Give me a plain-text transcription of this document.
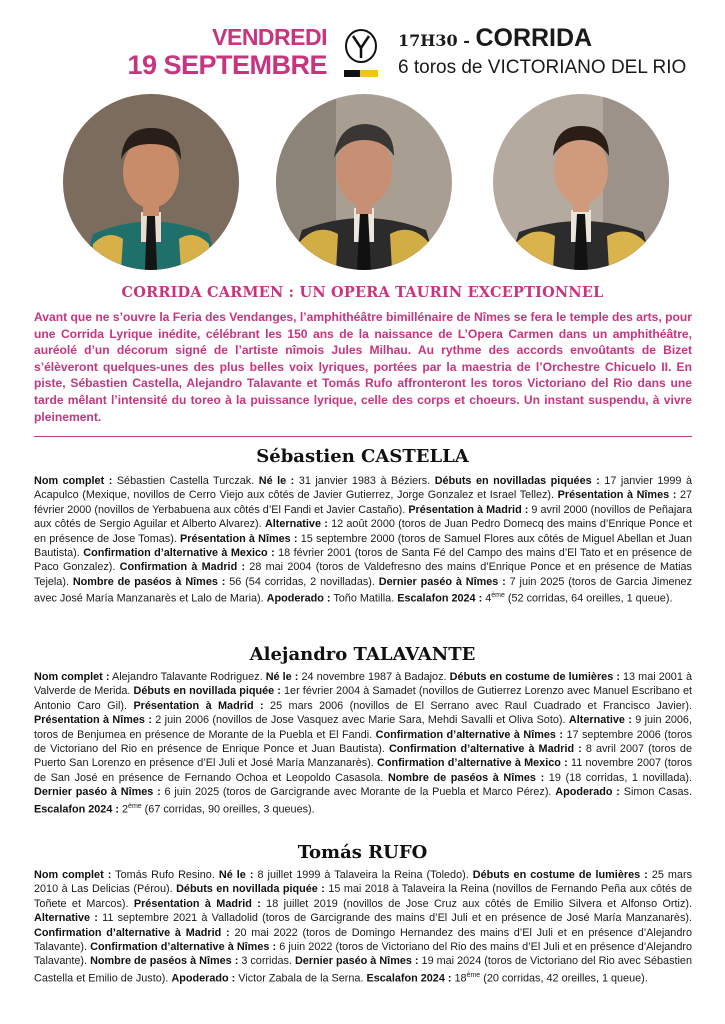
VENDREDI
19 SEPTEMBRE
17H30 - CORRIDA
6 toros de VICTORIANO DEL RIO
CORRIDA CARMEN : UN OPERA TAURIN EXCEPTIONNEL
Avant que ne s’ouvre la Feria des Vendanges, l’amphithéâtre bimillénaire de Nîmes se fera le temple des arts, pour une Corrida Lyrique inédite, célébrant les 150 ans de la naissance de L’Opera Carmen dans un amphithéâtre, auréolé d’un décorum signé de l’artiste nîmois Jules Milhau. Au rythme des accords envoûtants de Bizet s’élèveront quelques-unes des plus belles voix lyriques, portées par la maestria de l’Orchestre Chicuelo II. En piste, Sébastien Castella, Alejandro Talavante et Tomás Rufo affronteront les toros Victoriano del Rio dans une tarde mêlant l’intensité du toreo à la puissance lyrique, celle des corps et choeurs. Un instant suspendu, à vivre pleinement.
Sébastien CASTELLA
Nom complet : Sébastien Castella Turczak. Né le : 31 janvier 1983 à Béziers. Débuts en novilladas piquées : 17 janvier 1999 à Acapulco (Mexique, novillos de Cerro Viejo aux côtés de Javier Gutierrez, Jorge Gonzalez et Israel Tellez). Présentation à Nîmes : 27 février 2000 (novillos de Yerbabuena aux côtés d’El Fandi et Javier Castaño). Présentation à Madrid : 9 avril 2000 (novillos de Peñajara aux côtés de Sergio Aguilar et Alberto Alvarez). Alternative : 12 août 2000 (toros de Juan Pedro Domecq des mains d’Enrique Ponce et en présence de Jose Tomas). Présentation à Nîmes : 15 septembre 2000 (toros de Samuel Flores aux côtés de Miguel Abellan et Juan Bautista). Confirmation d’alternative à Mexico : 18 février 2001 (toros de Santa Fé del Campo des mains d’El Tato et en présence de Paco Gonzalez). Confirmation à Madrid : 28 mai 2004 (toros de Valdefresno des mains d’Enrique Ponce et en présence de Matias Tejela). Nombre de paséos à Nîmes : 56 (54 corridas, 2 novilladas). Dernier paséo à Nîmes : 7 juin 2025 (toros de Garcia Jimenez avec José María Manzanarès et Lalo de Maria). Apoderado : Toño Matilla. Escalafon 2024 : 4ème (52 corridas, 64 oreilles, 1 queue).
Alejandro TALAVANTE
Nom complet : Alejandro Talavante Rodriguez. Né le : 24 novembre 1987 à Badajoz. Débuts en costume de lumières : 13 mai 2001 à Valverde de Merida. Débuts en novillada piquée : 1er février 2004 à Samadet (novillos de Gutierrez Lorenzo avec Manuel Escribano et Antonio Caro Gil). Présentation à Madrid : 25 mars 2006 (novillos de El Serrano avec Raul Cuadrado et Francisco Javier). Présentation à Nîmes : 2 juin 2006 (novillos de Jose Vasquez avec Marie Sara, Mehdi Savalli et Oliva Soto). Alternative : 9 juin 2006, toros de Benjumea en présence de Morante de la Puebla et El Fandi. Confirmation d’alternative à Nîmes : 17 septembre 2006 (toros de Victoriano del Rio en présence de Enrique Ponce et Juan Bautista). Confirmation d’alternative à Madrid : 8 avril 2007 (toros de Puerto San Lorenzo en présence d’El Juli et José María Manzanarès). Confirmation d’alternative à Mexico : 11 novembre 2007 (toros de San José en présence de Fernando Ochoa et Leopoldo Casasola. Nombre de paséos à Nîmes : 19 (18 corridas, 1 novillada). Dernier paséo à Nîmes : 6 juin 2025 (toros de Garcigrande avec Morante de la Puebla et Marco Pérez). Apoderado : Simon Casas. Escalafon 2024 : 2ème (67 corridas, 90 oreilles, 3 queues).
Tomás RUFO
Nom complet : Tomás Rufo Resino. Né le : 8 juillet 1999 à Talaveira la Reina (Toledo). Débuts en costume de lumières : 25 mars 2010 à Las Delicias (Pérou). Débuts en novillada piquée : 15 mai 2018 à Talaveira la Reina (novillos de Fernando Peña aux côtés de Toñete et Marcos). Présentation à Madrid : 18 juillet 2019 (novillos de Jose Cruz aux côtés de Emilio Silvera et Alfonso Ortiz). Alternative : 11 septembre 2021 à Valladolid (toros de Garcigrande des mains d’El Juli et en présence de José María Manzanarès). Confirmation d’alternative à Madrid : 20 mai 2022 (toros de Domingo Hernandez des mains d’El Juli et en présence d’Alejandro Talavante). Confirmation d’alternative à Nîmes : 6 juin 2022 (toros de Victoriano del Rio des mains d’El Juli et en présence d’Alejandro Talavante). Nombre de paséos à Nîmes : 3 corridas. Dernier paséo à Nîmes : 19 mai 2024 (toros de Victoriano del Rio avec Sébastien Castella et Emilio de Justo). Apoderado : Victor Zabala de la Serna. Escalafon 2024 : 18ème (20 corridas, 42 oreilles, 1 queue).
